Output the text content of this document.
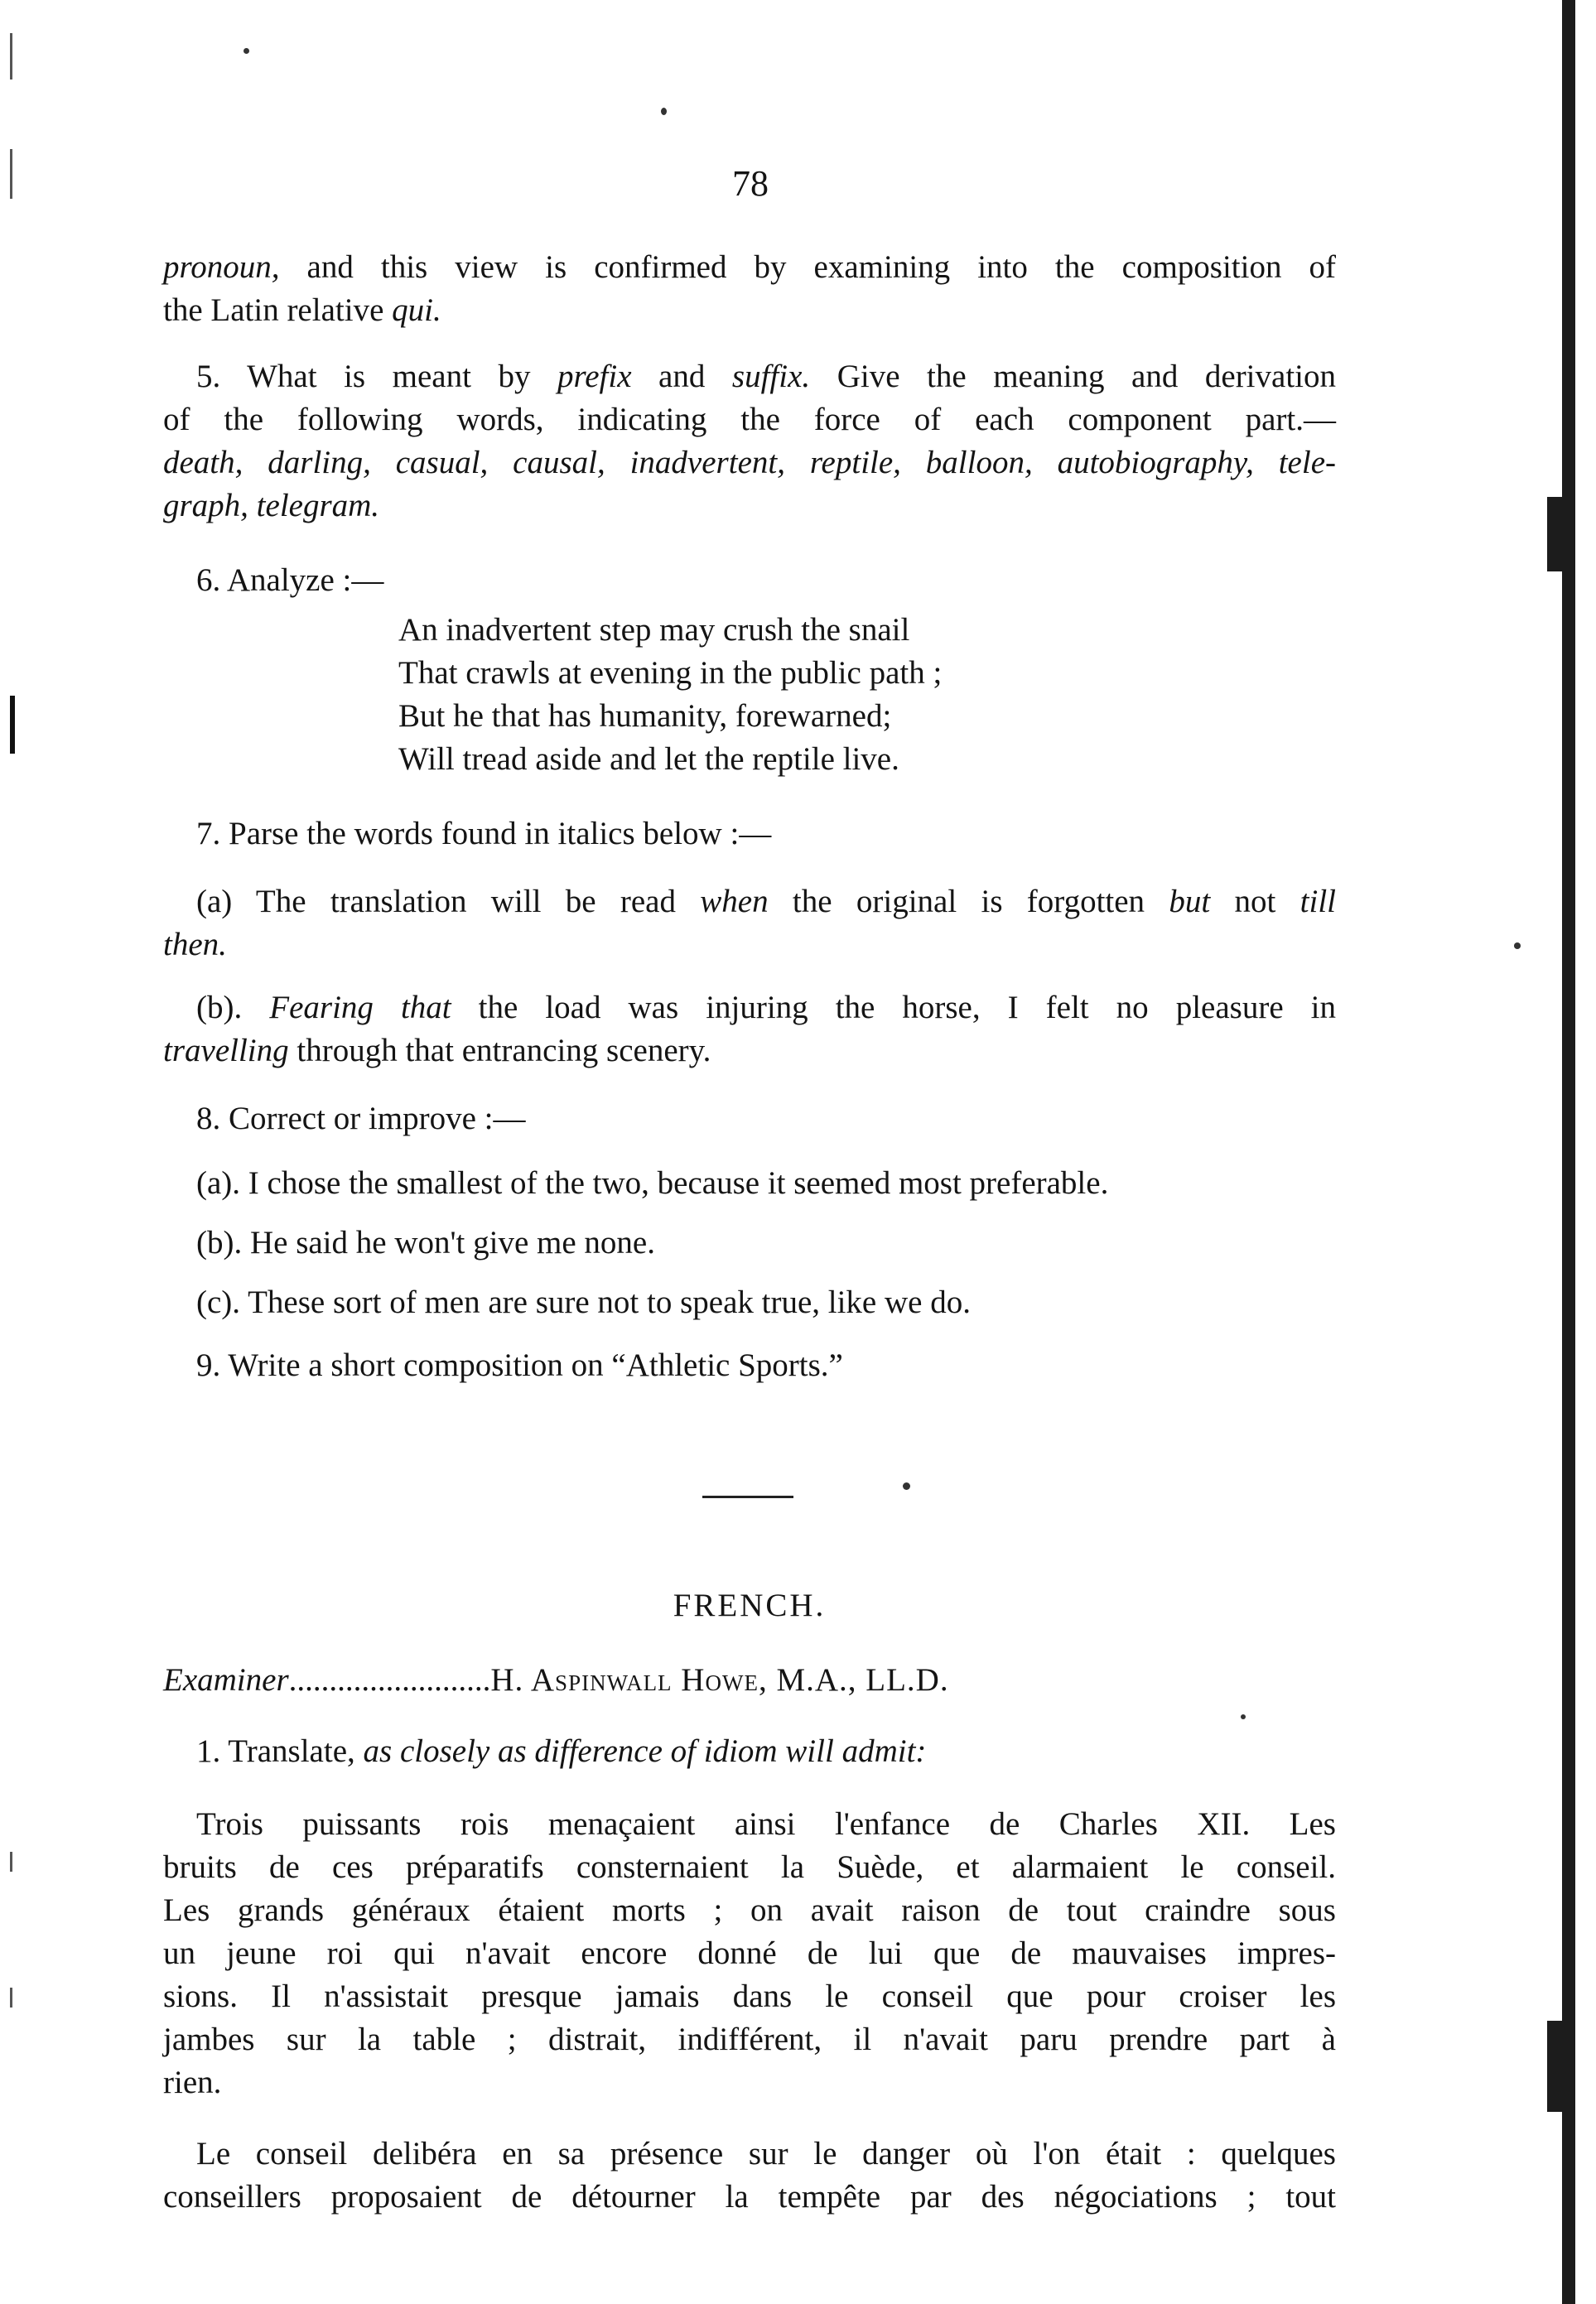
78
pronoun, and this view is confirmed by examining into the composition of
the Latin relative qui.
5. What is meant by prefix and suffix. Give the meaning and derivation
of the following words, indicating the force of each component part.—
death, darling, casual, causal, inadvertent, reptile, balloon, autobiography, tele-
graph, telegram.
6. Analyze :—
An inadvertent step may crush the snail
That crawls at evening in the public path ;
But he that has humanity, forewarned;
Will tread aside and let the reptile live.
7. Parse the words found in italics below :—
(a) The translation will be read when the original is forgotten but not till
then.
(b). Fearing that the load was injuring the horse, I felt no pleasure in
travelling through that entrancing scenery.
8. Correct or improve :—
(a). I chose the smallest of the two, because it seemed most preferable.
(b). He said he won't give me none.
(c). These sort of men are sure not to speak true, like we do.
9. Write a short composition on “Athletic Sports.”
FRENCH.
Examiner.........................H. Aspinwall Howe, M.A., LL.D.
1. Translate, as closely as difference of idiom will admit:
Trois puissants rois menaçaient ainsi l'enfance de Charles XII. Les
bruits de ces préparatifs consternaient la Suède, et alarmaient le conseil.
Les grands généraux étaient morts ; on avait raison de tout craindre sous
un jeune roi qui n'avait encore donné de lui que de mauvaises impres-
sions. Il n'assistait presque jamais dans le conseil que pour croiser les
jambes sur la table ; distrait, indifférent, il n'avait paru prendre part à
rien.
Le conseil delibéra en sa présence sur le danger où l'on était : quelques
conseillers proposaient de détourner la tempête par des négociations ; tout
